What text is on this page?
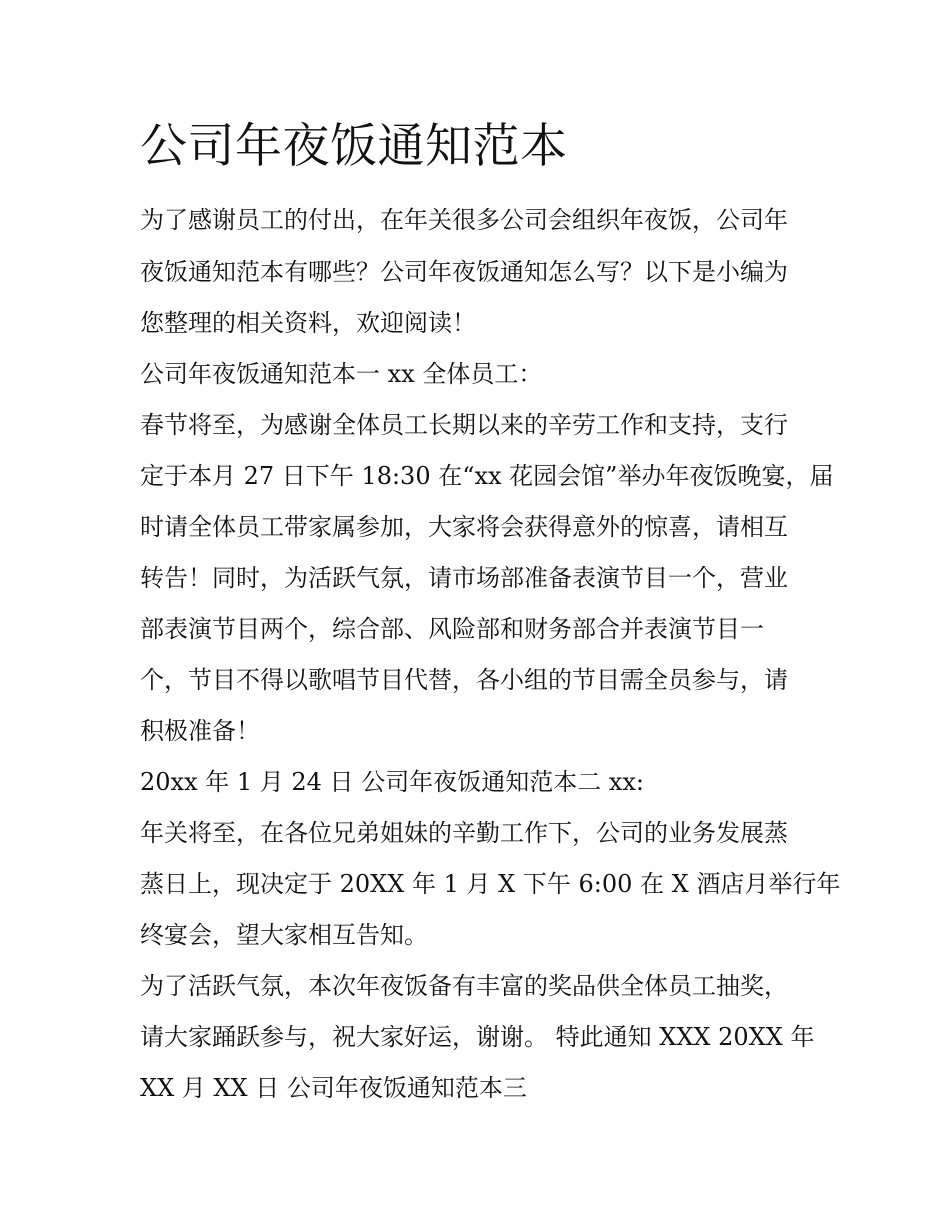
公司年夜饭通知范本

为了感谢员工的付出，在年关很多公司会组织年夜饭，公司年

夜饭通知范本有哪些？公司年夜饭通知怎么写？以下是小编为

您整理的相关资料，欢迎阅读！

公司年夜饭通知范本一 xx 全体员工：

春节将至，为感谢全体员工长期以来的辛劳工作和支持，支行

定于本月 27 日下午 18:30 在“xx 花园会馆”举办年夜饭晚宴，届

时请全体员工带家属参加，大家将会获得意外的惊喜，请相互

转告！同时，为活跃气氛，请市场部准备表演节目一个，营业

部表演节目两个，综合部、风险部和财务部合并表演节目一

个，节目不得以歌唱节目代替，各小组的节目需全员参与，请

积极准备！

20xx 年 1 月 24 日 公司年夜饭通知范本二 xx:

年关将至，在各位兄弟姐妹的辛勤工作下，公司的业务发展蒸

蒸日上，现决定于 20XX 年 1 月 X 下午 6:00 在 X 酒店月举行年

终宴会，望大家相互告知。

为了活跃气氛，本次年夜饭备有丰富的奖品供全体员工抽奖，

请大家踊跃参与，祝大家好运，谢谢。 特此通知 XXX 20XX 年

XX 月 XX 日 公司年夜饭通知范本三
